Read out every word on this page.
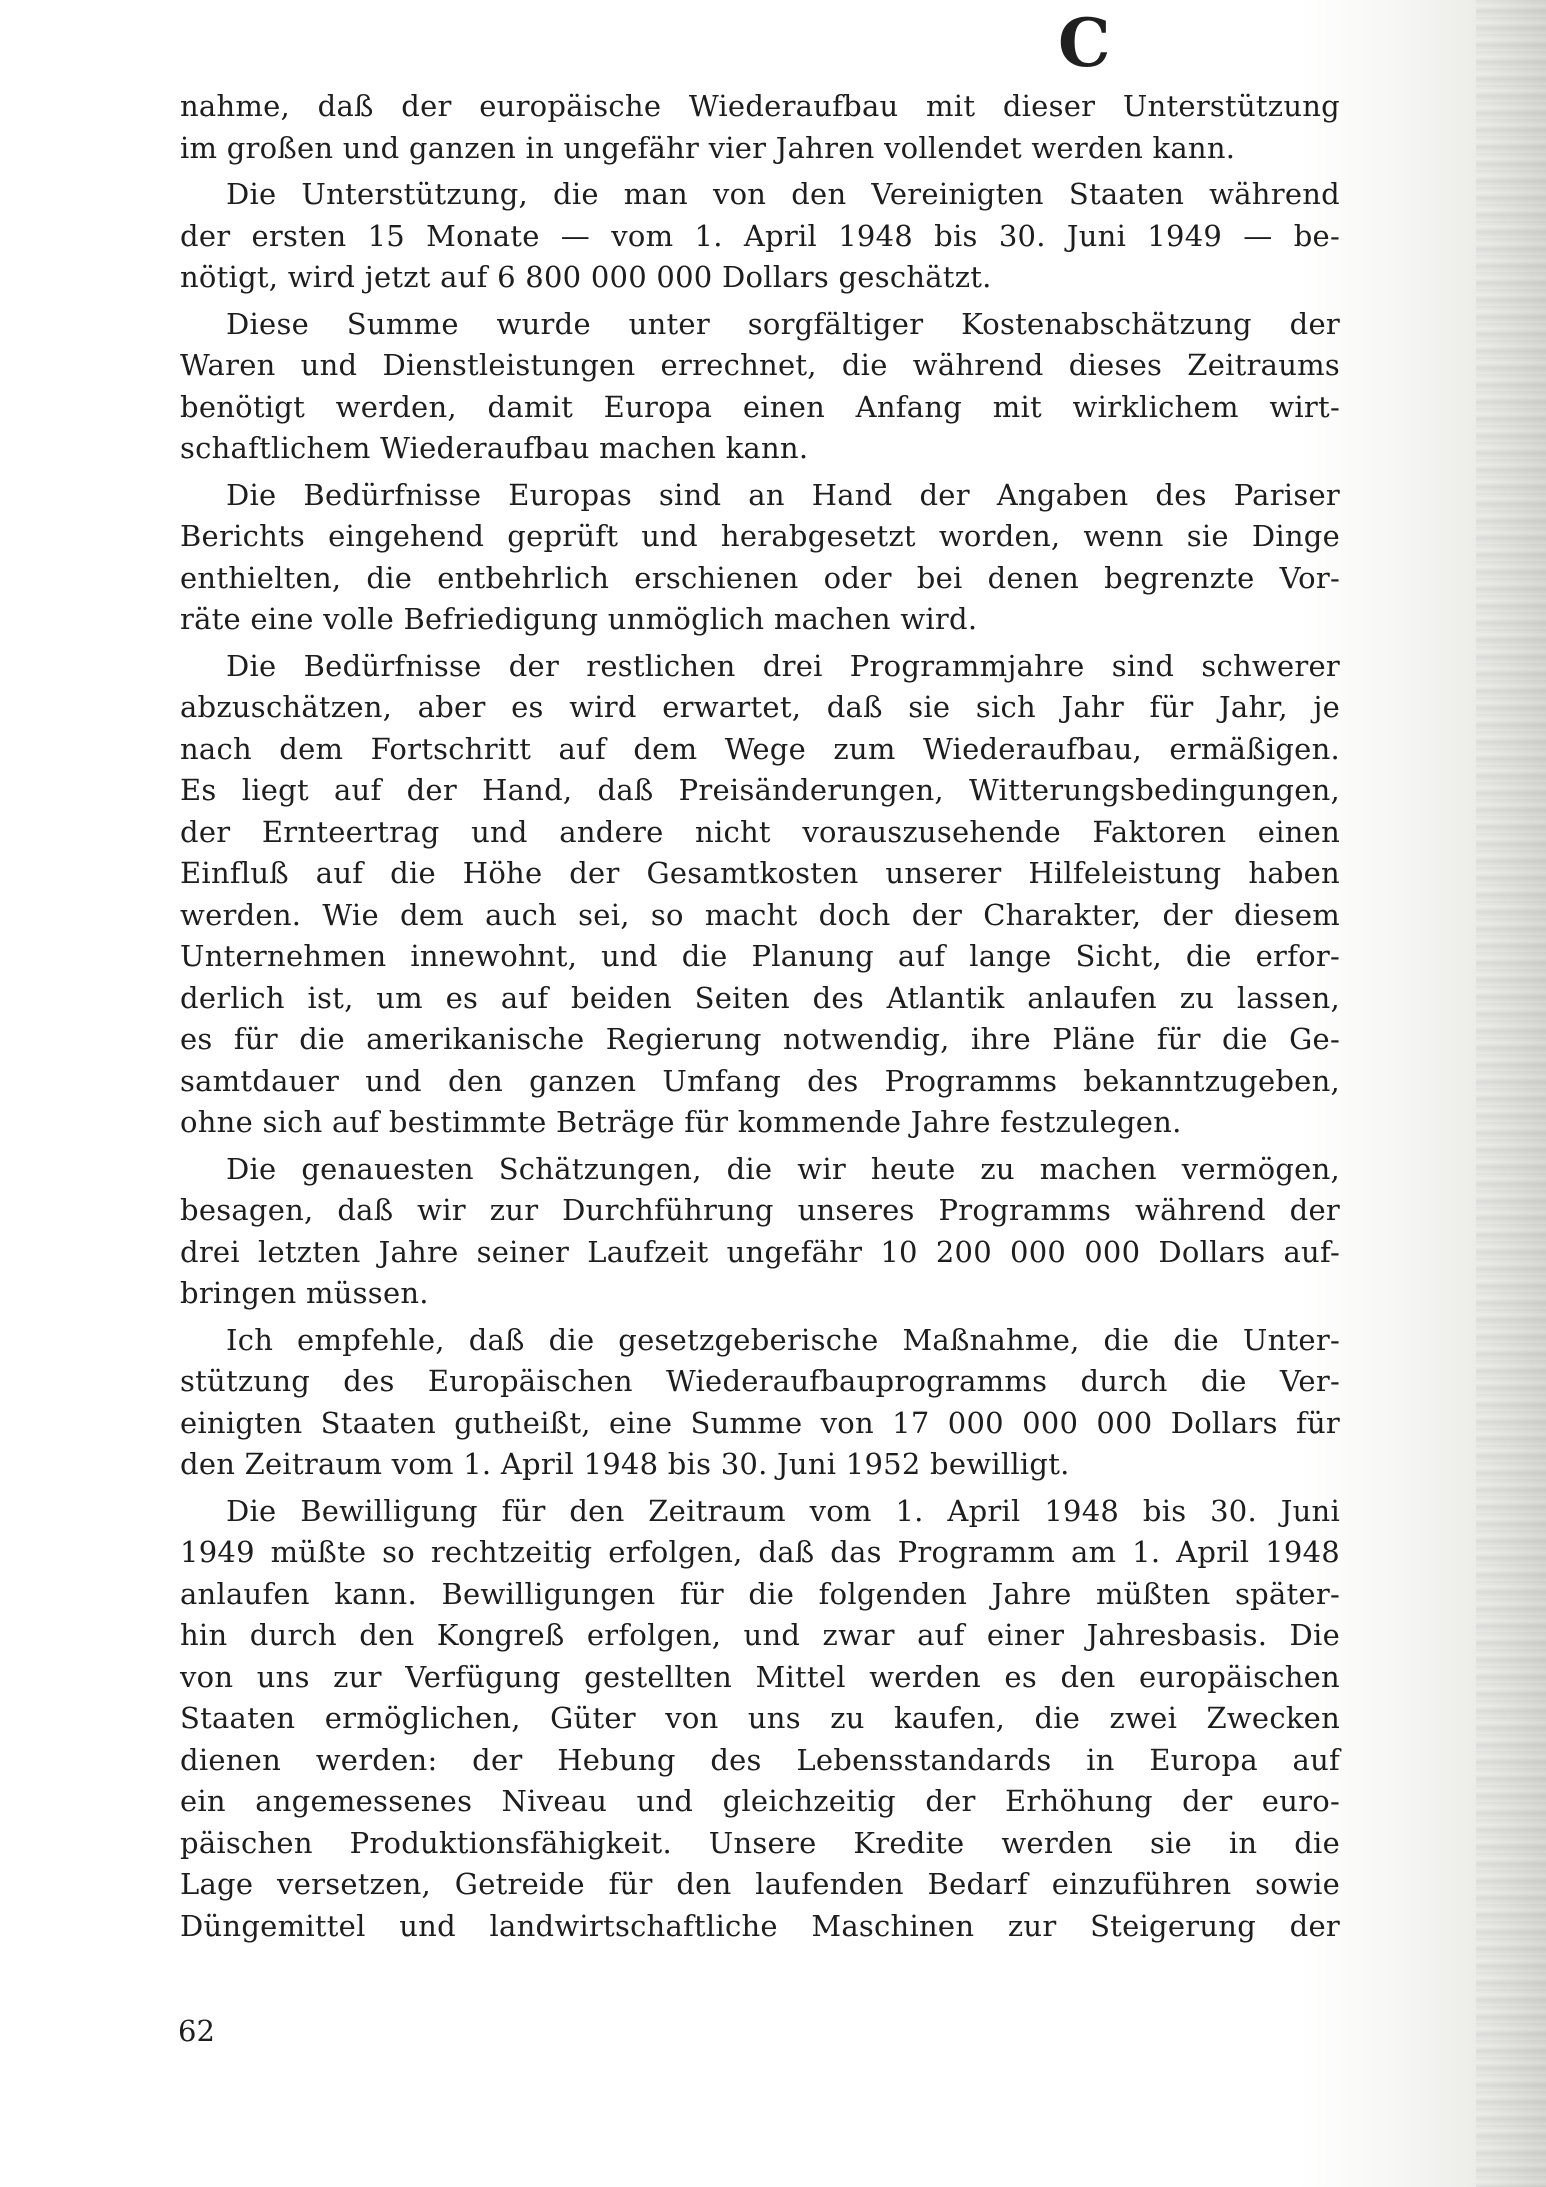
C
nahme, daß der europäische Wiederaufbau mit dieser Unterstützung
im großen und ganzen in ungefähr vier Jahren vollendet werden kann.
Die Unterstützung, die man von den Vereinigten Staaten während
der ersten 15 Monate — vom 1. April 1948 bis 30. Juni 1949 — be-
nötigt, wird jetzt auf 6 800 000 000 Dollars geschätzt.
Diese Summe wurde unter sorgfältiger Kostenabschätzung der
Waren und Dienstleistungen errechnet, die während dieses Zeitraums
benötigt werden, damit Europa einen Anfang mit wirklichem wirt-
schaftlichem Wiederaufbau machen kann.
Die Bedürfnisse Europas sind an Hand der Angaben des Pariser
Berichts eingehend geprüft und herabgesetzt worden, wenn sie Dinge
enthielten, die entbehrlich erschienen oder bei denen begrenzte Vor-
räte eine volle Befriedigung unmöglich machen wird.
Die Bedürfnisse der restlichen drei Programmjahre sind schwerer
abzuschätzen, aber es wird erwartet, daß sie sich Jahr für Jahr, je
nach dem Fortschritt auf dem Wege zum Wiederaufbau, ermäßigen.
Es liegt auf der Hand, daß Preisänderungen, Witterungsbedingungen,
der Ernteertrag und andere nicht vorauszusehende Faktoren einen
Einfluß auf die Höhe der Gesamtkosten unserer Hilfeleistung haben
werden. Wie dem auch sei, so macht doch der Charakter, der diesem
Unternehmen innewohnt, und die Planung auf lange Sicht, die erfor-
derlich ist, um es auf beiden Seiten des Atlantik anlaufen zu lassen,
es für die amerikanische Regierung notwendig, ihre Pläne für die Ge-
samtdauer und den ganzen Umfang des Programms bekanntzugeben,
ohne sich auf bestimmte Beträge für kommende Jahre festzulegen.
Die genauesten Schätzungen, die wir heute zu machen vermögen,
besagen, daß wir zur Durchführung unseres Programms während der
drei letzten Jahre seiner Laufzeit ungefähr 10 200 000 000 Dollars auf-
bringen müssen.
Ich empfehle, daß die gesetzgeberische Maßnahme, die die Unter-
stützung des Europäischen Wiederaufbauprogramms durch die Ver-
einigten Staaten gutheißt, eine Summe von 17 000 000 000 Dollars für
den Zeitraum vom 1. April 1948 bis 30. Juni 1952 bewilligt.
Die Bewilligung für den Zeitraum vom 1. April 1948 bis 30. Juni
1949 müßte so rechtzeitig erfolgen, daß das Programm am 1. April 1948
anlaufen kann. Bewilligungen für die folgenden Jahre müßten später-
hin durch den Kongreß erfolgen, und zwar auf einer Jahresbasis. Die
von uns zur Verfügung gestellten Mittel werden es den europäischen
Staaten ermöglichen, Güter von uns zu kaufen, die zwei Zwecken
dienen werden: der Hebung des Lebensstandards in Europa auf
ein angemessenes Niveau und gleichzeitig der Erhöhung der euro-
päischen Produktionsfähigkeit. Unsere Kredite werden sie in die
Lage versetzen, Getreide für den laufenden Bedarf einzuführen sowie
Düngemittel und landwirtschaftliche Maschinen zur Steigerung der
62
